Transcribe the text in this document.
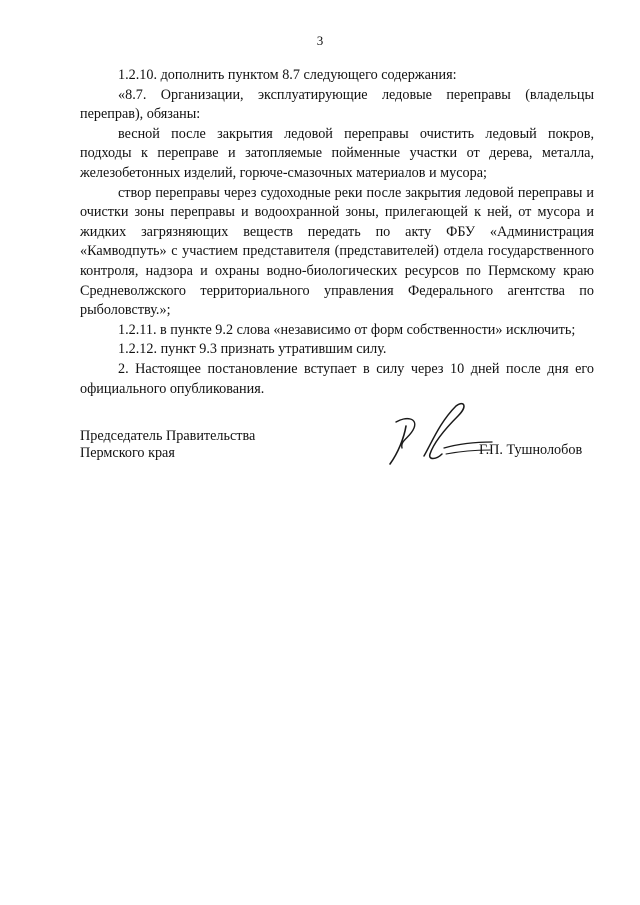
3

1.2.10. дополнить пунктом 8.7 следующего содержания:

«8.7. Организации, эксплуатирующие ледовые переправы (владельцы переправ), обязаны:

весной после закрытия ледовой переправы очистить ледовый покров, подходы к переправе и затопляемые пойменные участки от дерева, металла, железобетонных изделий, горюче-смазочных материалов и мусора;

створ переправы через судоходные реки после закрытия ледовой переправы и очистки зоны переправы и водоохранной зоны, прилегающей к ней, от мусора и жидких загрязняющих веществ передать по акту ФБУ «Администрация «Камводпуть» с участием представителя (представителей) отдела государственного контроля, надзора и охраны водно-биологических ресурсов по Пермскому краю Средневолжского территориального управления Федерального агентства по рыболовству.»;

1.2.11. в пункте 9.2 слова «независимо от форм собственности» исключить;

1.2.12. пункт 9.3 признать утратившим силу.

2. Настоящее постановление вступает в силу через 10 дней после дня его официального опубликования.

Председатель Правительства
Пермского края	Г.П. Тушнолобов
